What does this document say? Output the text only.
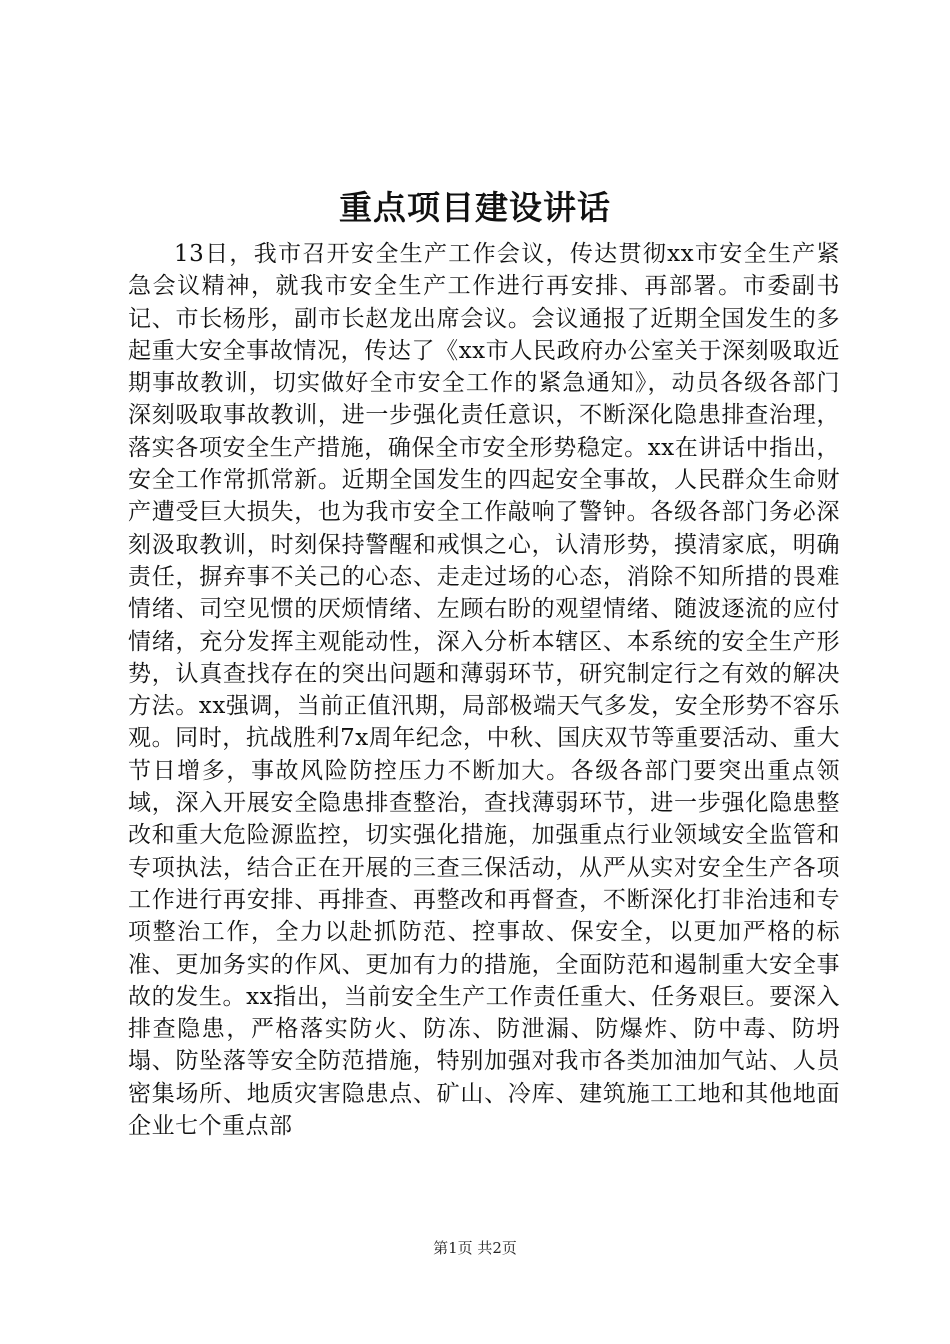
重点项目建设讲话

13日，我市召开安全生产工作会议，传达贯彻xx市安全生产紧急会议精神，就我市安全生产工作进行再安排、再部署。市委副书记、市长杨彤，副市长赵龙出席会议。会议通报了近期全国发生的多起重大安全事故情况，传达了《xx市人民政府办公室关于深刻吸取近期事故教训，切实做好全市安全工作的紧急通知》，动员各级各部门深刻吸取事故教训，进一步强化责任意识，不断深化隐患排查治理，落实各项安全生产措施，确保全市安全形势稳定。xx在讲话中指出，安全工作常抓常新。近期全国发生的四起安全事故，人民群众生命财产遭受巨大损失，也为我市安全工作敲响了警钟。各级各部门务必深刻汲取教训，时刻保持警醒和戒惧之心，认清形势，摸清家底，明确责任，摒弃事不关己的心态、走走过场的心态，消除不知所措的畏难情绪、司空见惯的厌烦情绪、左顾右盼的观望情绪、随波逐流的应付情绪，充分发挥主观能动性，深入分析本辖区、本系统的安全生产形势，认真查找存在的突出问题和薄弱环节，研究制定行之有效的解决方法。xx强调，当前正值汛期，局部极端天气多发，安全形势不容乐观。同时，抗战胜利7x周年纪念，中秋、国庆双节等重要活动、重大节日增多，事故风险防控压力不断加大。各级各部门要突出重点领域，深入开展安全隐患排查整治，查找薄弱环节，进一步强化隐患整改和重大危险源监控，切实强化措施，加强重点行业领域安全监管和专项执法，结合正在开展的三查三保活动，从严从实对安全生产各项工作进行再安排、再排查、再整改和再督查，不断深化打非治违和专项整治工作，全力以赴抓防范、控事故、保安全，以更加严格的标准、更加务实的作风、更加有力的措施，全面防范和遏制重大安全事故的发生。xx指出，当前安全生产工作责任重大、任务艰巨。要深入排查隐患，严格落实防火、防冻、防泄漏、防爆炸、防中毒、防坍塌、防坠落等安全防范措施，特别加强对我市各类加油加气站、人员密集场所、地质灾害隐患点、矿山、冷库、建筑施工工地和其他地面企业七个重点部

第1页 共2页
